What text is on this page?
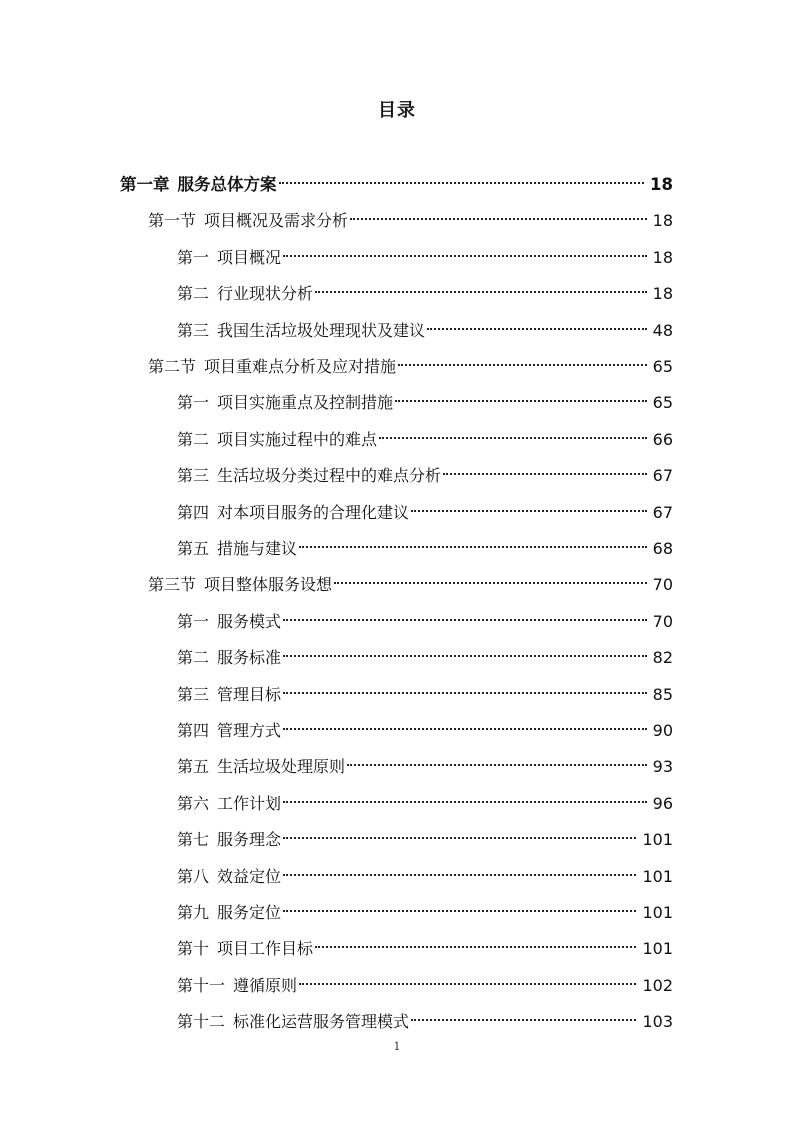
目录
第一章 服务总体方案	18
第一节 项目概况及需求分析	18
第一 项目概况	18
第二 行业现状分析	18
第三 我国生活垃圾处理现状及建议	48
第二节 项目重难点分析及应对措施	65
第一 项目实施重点及控制措施	65
第二 项目实施过程中的难点	66
第三 生活垃圾分类过程中的难点分析	67
第四 对本项目服务的合理化建议	67
第五 措施与建议	68
第三节 项目整体服务设想	70
第一 服务模式	70
第二 服务标准	82
第三 管理目标	85
第四 管理方式	90
第五 生活垃圾处理原则	93
第六 工作计划	96
第七 服务理念	101
第八 效益定位	101
第九 服务定位	101
第十 项目工作目标	101
第十一 遵循原则	102
第十二 标准化运营服务管理模式	103
1
